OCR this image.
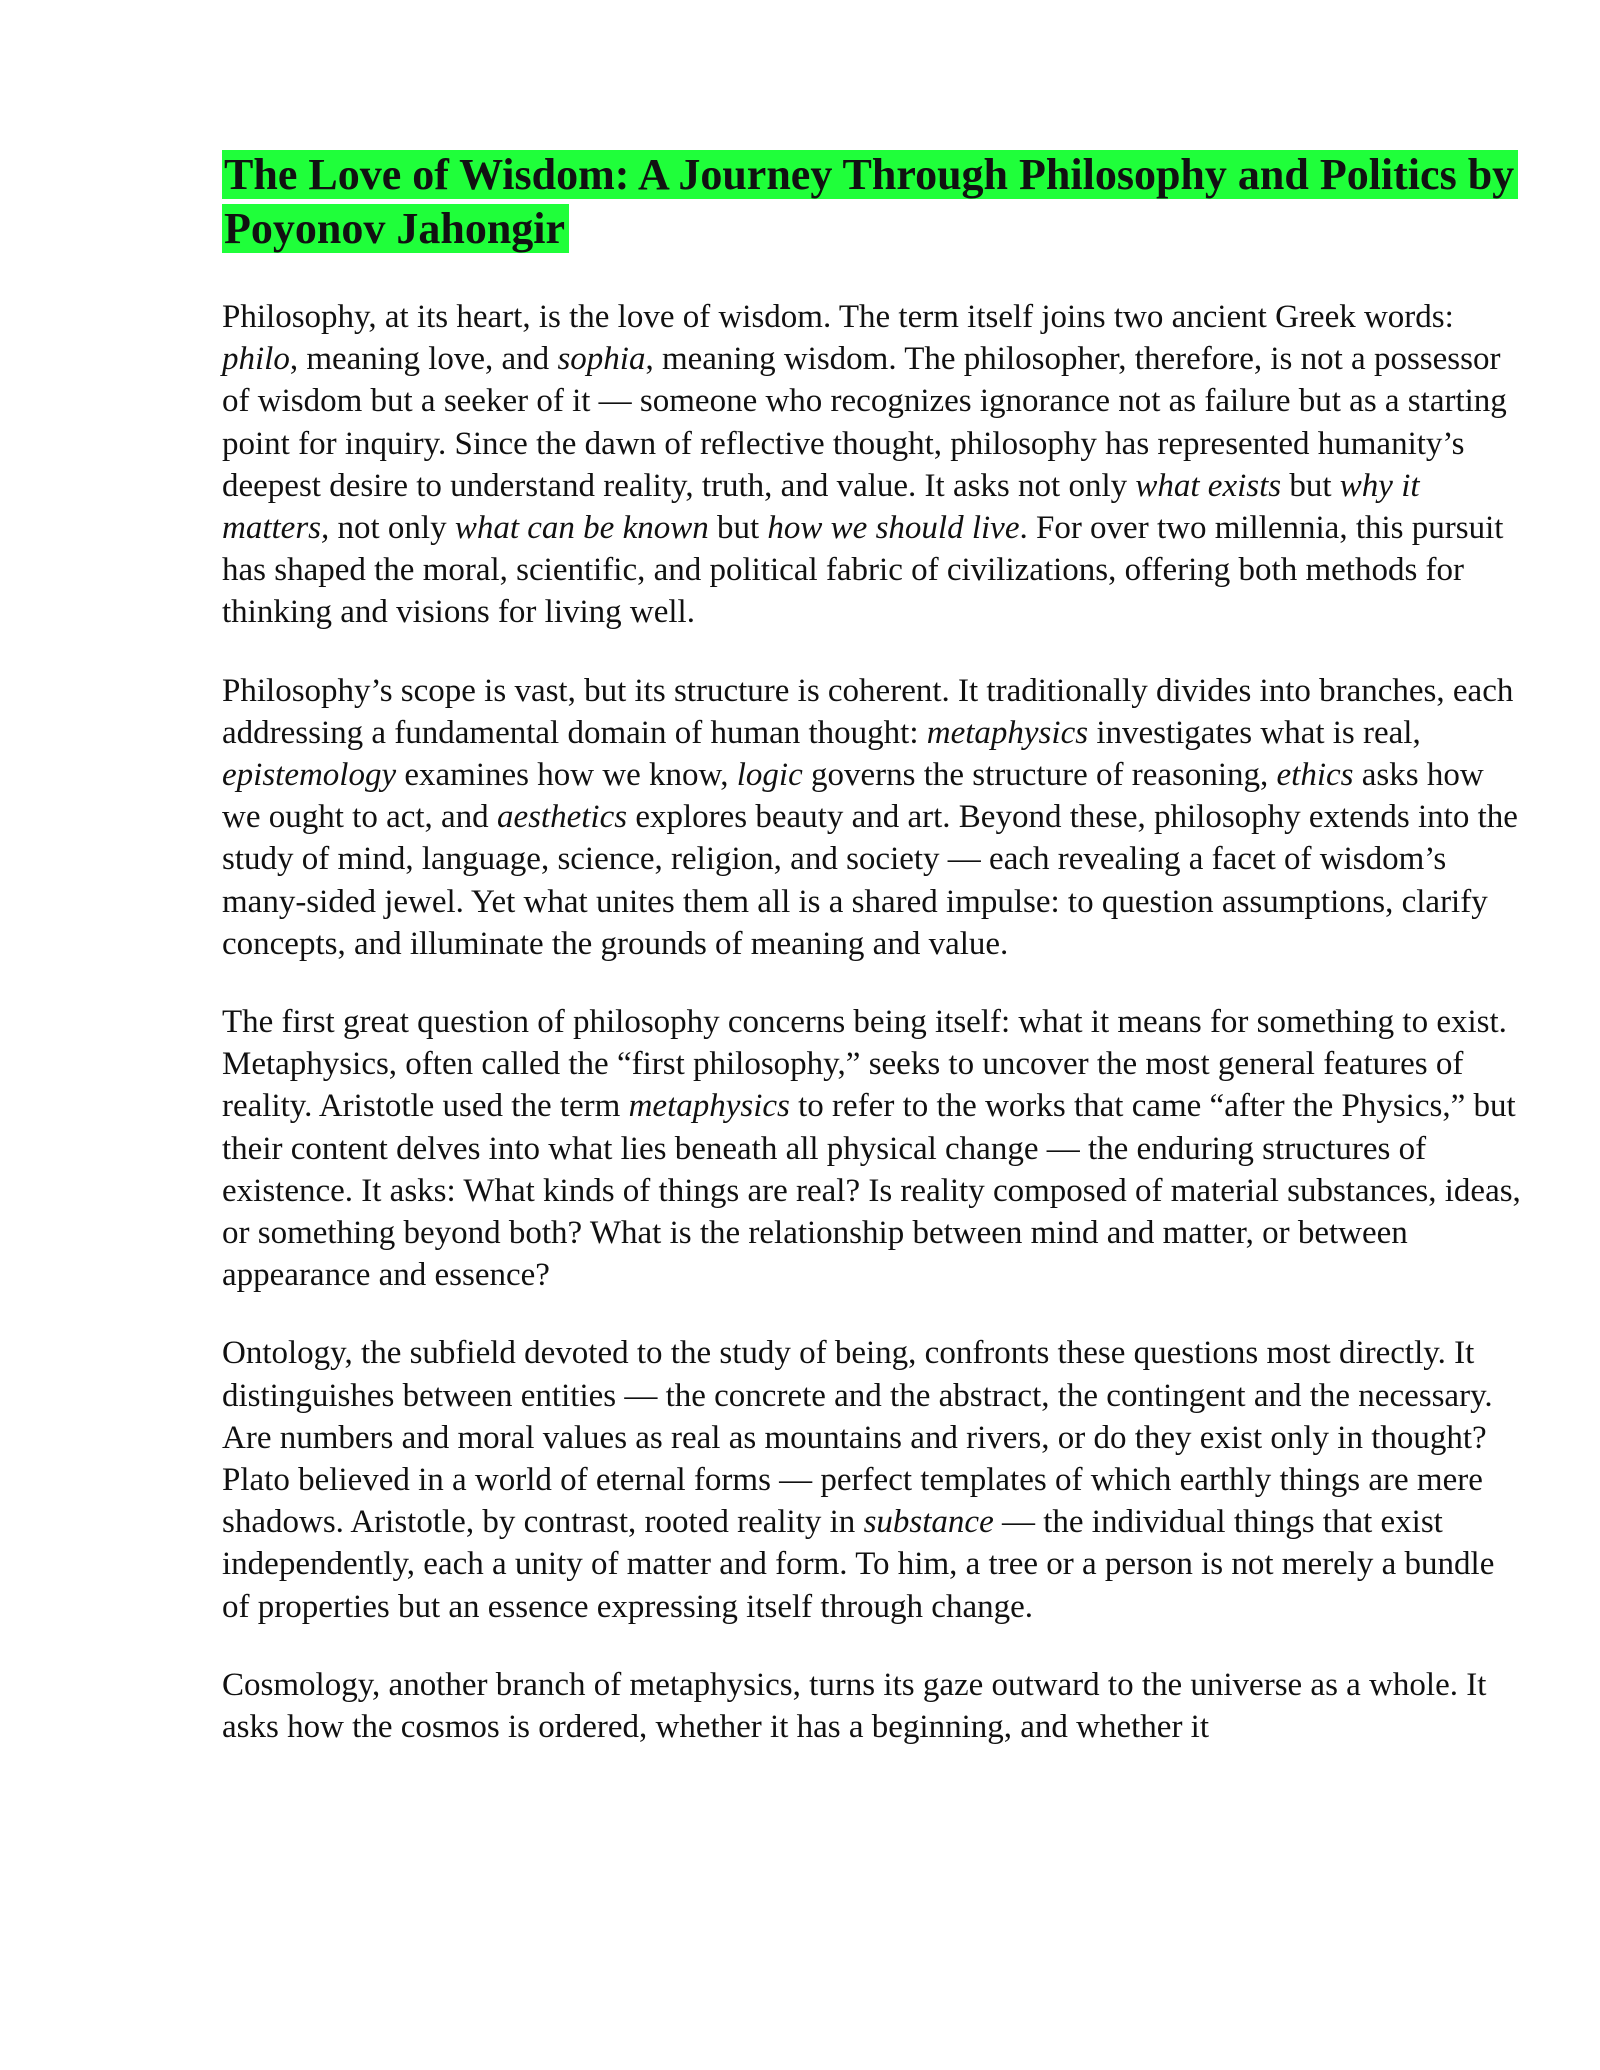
The Love of Wisdom: A Journey Through Philosophy and Politics by Poyonov Jahongir

Philosophy, at its heart, is the love of wisdom. The term itself joins two ancient Greek words: philo, meaning love, and sophia, meaning wisdom. The philosopher, therefore, is not a possessor of wisdom but a seeker of it — someone who recognizes ignorance not as failure but as a starting point for inquiry. Since the dawn of reflective thought, philosophy has represented humanity’s deepest desire to understand reality, truth, and value. It asks not only what exists but why it matters, not only what can be known but how we should live. For over two millennia, this pursuit has shaped the moral, scientific, and political fabric of civilizations, offering both methods for thinking and visions for living well.

Philosophy’s scope is vast, but its structure is coherent. It traditionally divides into branches, each addressing a fundamental domain of human thought: metaphysics investigates what is real, epistemology examines how we know, logic governs the structure of reasoning, ethics asks how we ought to act, and aesthetics explores beauty and art. Beyond these, philosophy extends into the study of mind, language, science, religion, and society — each revealing a facet of wisdom’s many-sided jewel. Yet what unites them all is a shared impulse: to question assumptions, clarify concepts, and illuminate the grounds of meaning and value.

The first great question of philosophy concerns being itself: what it means for something to exist. Metaphysics, often called the “first philosophy,” seeks to uncover the most general features of reality. Aristotle used the term metaphysics to refer to the works that came “after the Physics,” but their content delves into what lies beneath all physical change — the enduring structures of existence. It asks: What kinds of things are real? Is reality composed of material substances, ideas, or something beyond both? What is the relationship between mind and matter, or between appearance and essence?

Ontology, the subfield devoted to the study of being, confronts these questions most directly. It distinguishes between entities — the concrete and the abstract, the contingent and the necessary. Are numbers and moral values as real as mountains and rivers, or do they exist only in thought? Plato believed in a world of eternal forms — perfect templates of which earthly things are mere shadows. Aristotle, by contrast, rooted reality in substance — the individual things that exist independently, each a unity of matter and form. To him, a tree or a person is not merely a bundle of properties but an essence expressing itself through change.

Cosmology, another branch of metaphysics, turns its gaze outward to the universe as a whole. It asks how the cosmos is ordered, whether it has a beginning, and whether it
